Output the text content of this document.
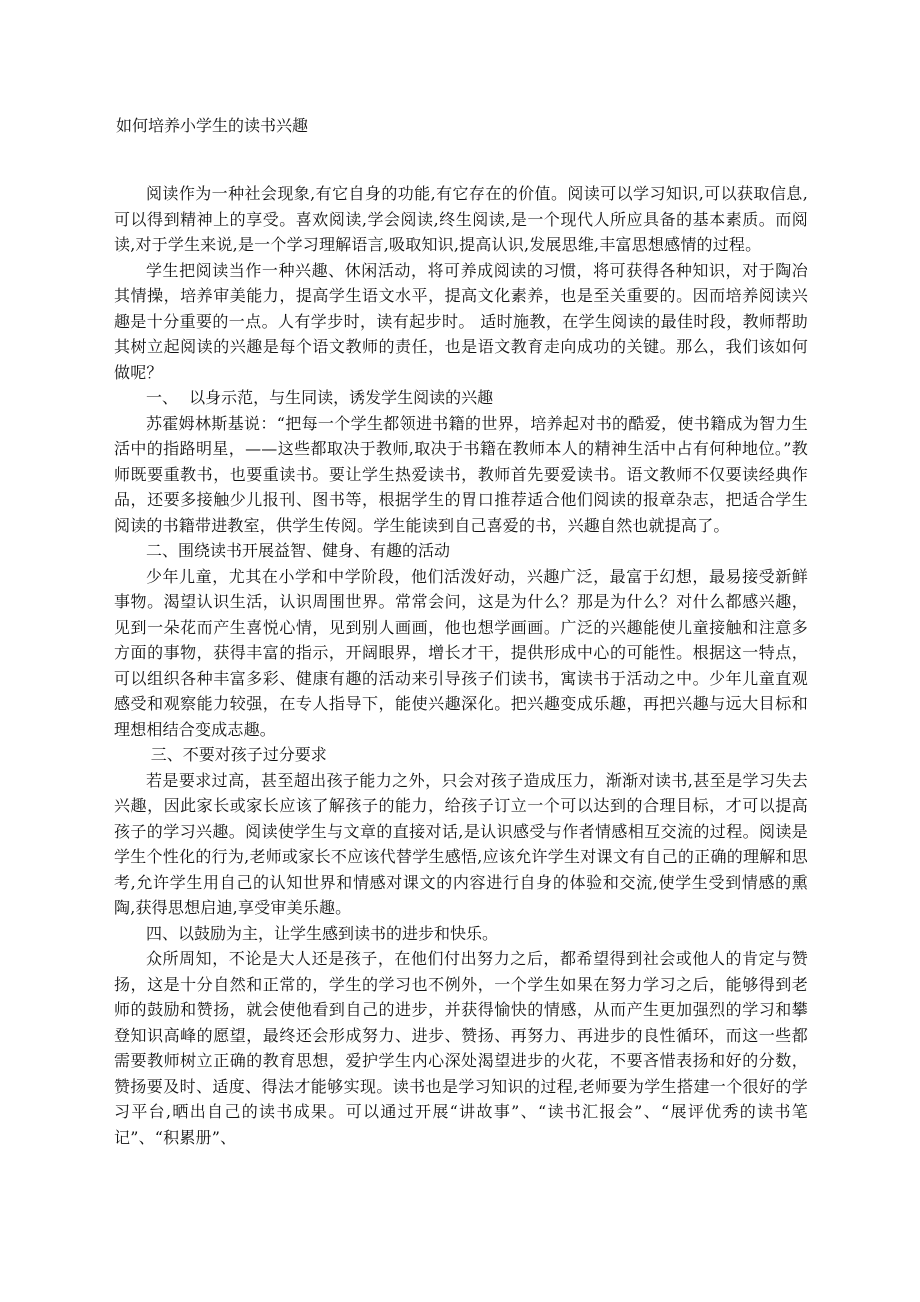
如何培养小学生的读书兴趣

阅读作为一种社会现象,有它自身的功能,有它存在的价值。阅读可以学习知识,可以获取信息,可以得到精神上的享受。喜欢阅读,学会阅读,终生阅读,是一个现代人所应具备的基本素质。而阅读,对于学生来说,是一个学习理解语言,吸取知识,提高认识,发展思维,丰富思想感情的过程。

学生把阅读当作一种兴趣、休闲活动，将可养成阅读的习惯，将可获得各种知识，对于陶冶其情操，培养审美能力，提高学生语文水平，提高文化素养，也是至关重要的。因而培养阅读兴趣是十分重要的一点。人有学步时，读有起步时。 适时施教，在学生阅读的最佳时段，教师帮助其树立起阅读的兴趣是每个语文教师的责任，也是语文教育走向成功的关键。那么，我们该如何做呢？

一、 以身示范，与生同读，诱发学生阅读的兴趣

苏霍姆林斯基说：“把每一个学生都领进书籍的世界，培养起对书的酷爱，使书籍成为智力生活中的指路明星，——这些都取决于教师,取决于书籍在教师本人的精神生活中占有何种地位。”教师既要重教书，也要重读书。要让学生热爱读书，教师首先要爱读书。语文教师不仅要读经典作品，还要多接触少儿报刊、图书等，根据学生的胃口推荐适合他们阅读的报章杂志，把适合学生阅读的书籍带进教室，供学生传阅。学生能读到自己喜爱的书，兴趣自然也就提高了。

二、围绕读书开展益智、健身、有趣的活动

少年儿童，尤其在小学和中学阶段，他们活泼好动，兴趣广泛，最富于幻想，最易接受新鲜事物。渴望认识生活，认识周围世界。常常会问，这是为什么？那是为什么？对什么都感兴趣，见到一朵花而产生喜悦心情，见到别人画画，他也想学画画。广泛的兴趣能使儿童接触和注意多方面的事物，获得丰富的指示，开阔眼界，增长才干，提供形成中心的可能性。根据这一特点，可以组织各种丰富多彩、健康有趣的活动来引导孩子们读书，寓读书于活动之中。少年儿童直观感受和观察能力较强，在专人指导下，能使兴趣深化。把兴趣变成乐趣，再把兴趣与远大目标和理想相结合变成志趣。

三、不要对孩子过分要求

若是要求过高，甚至超出孩子能力之外，只会对孩子造成压力，渐渐对读书,甚至是学习失去兴趣，因此家长或家长应该了解孩子的能力，给孩子订立一个可以达到的合理目标，才可以提高孩子的学习兴趣。阅读使学生与文章的直接对话,是认识感受与作者情感相互交流的过程。阅读是学生个性化的行为,老师或家长不应该代替学生感悟,应该允许学生对课文有自己的正确的理解和思考,允许学生用自己的认知世界和情感对课文的内容进行自身的体验和交流,使学生受到情感的熏陶,获得思想启迪,享受审美乐趣。

四、以鼓励为主，让学生感到读书的进步和快乐。

众所周知，不论是大人还是孩子，在他们付出努力之后，都希望得到社会或他人的肯定与赞扬，这是十分自然和正常的，学生的学习也不例外，一个学生如果在努力学习之后，能够得到老师的鼓励和赞扬，就会使他看到自己的进步，并获得愉快的情感，从而产生更加强烈的学习和攀登知识高峰的愿望，最终还会形成努力、进步、赞扬、再努力、再进步的良性循环，而这一些都需要教师树立正确的教育思想，爱护学生内心深处渴望进步的火花，不要吝惜表扬和好的分数，赞扬要及时、适度、得法才能够实现。读书也是学习知识的过程,老师要为学生搭建一个很好的学习平台,晒出自己的读书成果。可以通过开展“讲故事”、“读书汇报会”、“展评优秀的读书笔记”、“积累册”、
